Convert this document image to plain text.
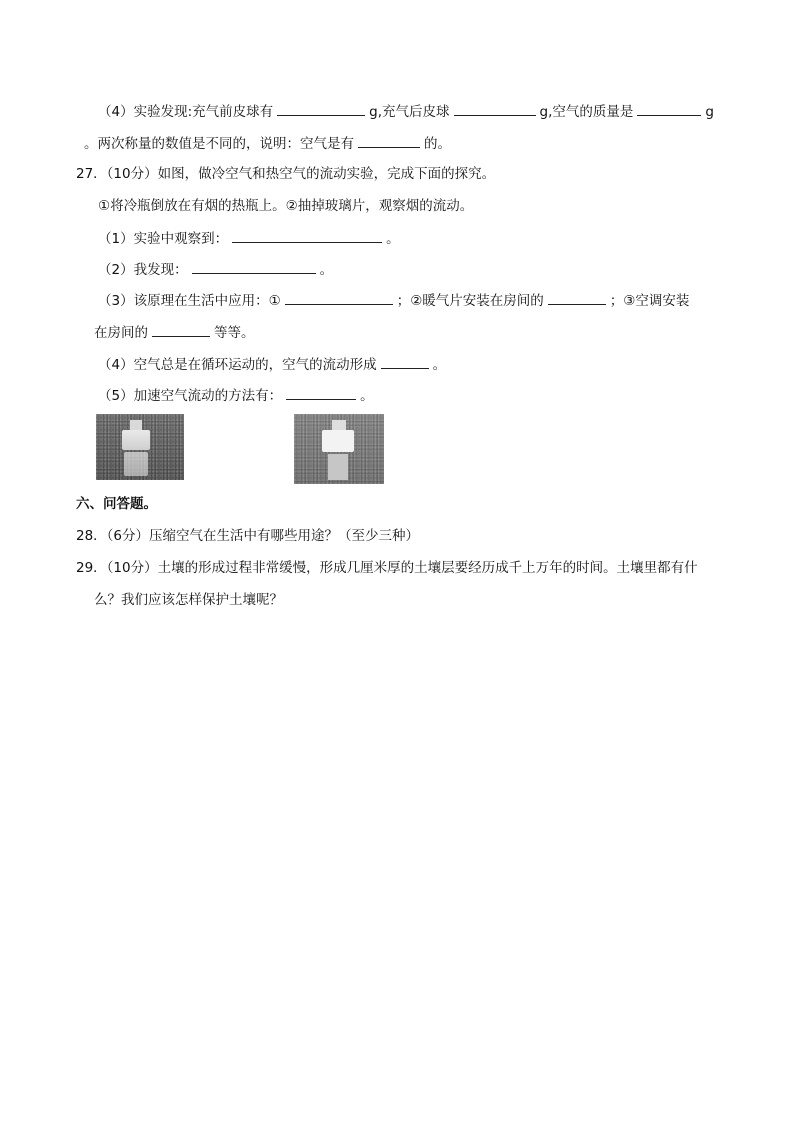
（4）实验发现:充气前皮球有	g,充气后皮球	g,空气的质量是	g
。两次称量的数值是不同的，说明：空气是有	的。
27．（10分）如图，做冷空气和热空气的流动实验，完成下面的探究。
①将冷瓶倒放在有烟的热瓶上。②抽掉玻璃片，观察烟的流动。
（1）实验中观察到：	。
（2）我发现：	。
（3）该原理在生活中应用：①	；②暖气片安装在房间的	；③空调安装
在房间的	等等。
（4）空气总是在循环运动的，空气的流动形成	。
（5）加速空气流动的方法有：	。
六、问答题。
28．（6分）压缩空气在生活中有哪些用途？（至少三种）
29．（10分）土壤的形成过程非常缓慢，形成几厘米厚的土壤层要经历成千上万年的时间。土壤里都有什
么？我们应该怎样保护土壤呢？
